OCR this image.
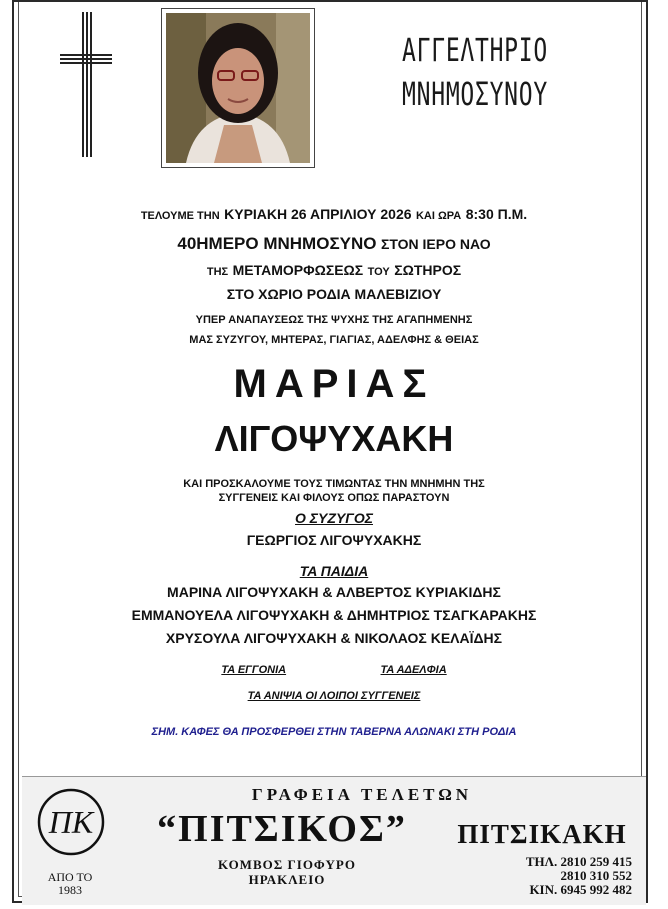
ΑΓΓΕΛΤΗΡΙΟ
ΜΝΗΜΟΣΥΝΟΥ
ΤΕΛΟΥΜΕ ΤΗΝ ΚΥΡΙΑΚΗ 26 ΑΠΡΙΛΙΟΥ 2026 ΚΑΙ ΩΡΑ 8:30 Π.Μ.
40ΗΜΕΡΟ ΜΝΗΜΟΣΥΝΟ ΣΤΟΝ ΙΕΡΟ ΝΑΟ
ΤΗΣ ΜΕΤΑΜΟΡΦΩΣΕΩΣ ΤΟΥ ΣΩΤΗΡΟΣ
ΣΤΟ ΧΩΡΙΟ ΡΟΔΙΑ ΜΑΛΕΒΙΖΙΟΥ
ΥΠΕΡ ΑΝΑΠΑΥΣΕΩΣ ΤΗΣ ΨΥΧΗΣ ΤΗΣ ΑΓΑΠΗΜΕΝΗΣ
ΜΑΣ ΣΥΖΥΓΟΥ, ΜΗΤΕΡΑΣ, ΓΙΑΓΙΑΣ, ΑΔΕΛΦΗΣ & ΘΕΙΑΣ
ΜΑΡΙΑΣ
ΛΙΓΟΨΥΧΑΚΗ
ΚΑΙ ΠΡΟΣΚΑΛΟΥΜΕ ΤΟΥΣ ΤΙΜΩΝΤΑΣ ΤΗΝ ΜΝΗΜΗΝ ΤΗΣ
ΣΥΓΓΕΝΕΙΣ ΚΑΙ ΦΙΛΟΥΣ ΟΠΩΣ ΠΑΡΑΣΤΟΥΝ
Ο ΣΥΖΥΓΟΣ
ΓΕΩΡΓΙΟΣ ΛΙΓΟΨΥΧΑΚΗΣ
ΤΑ ΠΑΙΔΙΑ
ΜΑΡΙΝΑ ΛΙΓΟΨΥΧΑΚΗ & ΑΛΒΕΡΤΟΣ ΚΥΡΙΑΚΙΔΗΣ
ΕΜΜΑΝΟΥΕΛΑ ΛΙΓΟΨΥΧΑΚΗ & ΔΗΜΗΤΡΙΟΣ ΤΣΑΓΚΑΡΑΚΗΣ
ΧΡΥΣΟΥΛΑ ΛΙΓΟΨΥΧΑΚΗ & ΝΙΚΟΛΑΟΣ ΚΕΛΑΪΔΗΣ
ΤΑ ΕΓΓΟΝΙΑ	ΤΑ ΑΔΕΛΦΙΑ
ΤΑ ΑΝΙΨΙΑ ΟΙ ΛΟΙΠΟΙ ΣΥΓΓΕΝΕΙΣ
ΣΗΜ. ΚΑΦΕΣ ΘΑ ΠΡΟΣΦΕΡΘΕΙ ΣΤΗΝ ΤΑΒΕΡΝΑ ΑΛΩΝΑΚΙ ΣΤΗ ΡΟΔΙΑ
ΠΚ
ΑΠΟ ΤΟ
1983
ΓΡΑΦΕΙΑ ΤΕΛΕΤΩΝ
“ΠΙΤΣΙΚΟΣ”
ΚΟΜΒΟΣ ΓΙΟΦΥΡΟ
ΗΡΑΚΛΕΙΟ
ΠΙΤΣΙΚΑΚΗ
ΤΗΛ. 2810 259 415
2810 310 552
ΚΙΝ. 6945 992 482
